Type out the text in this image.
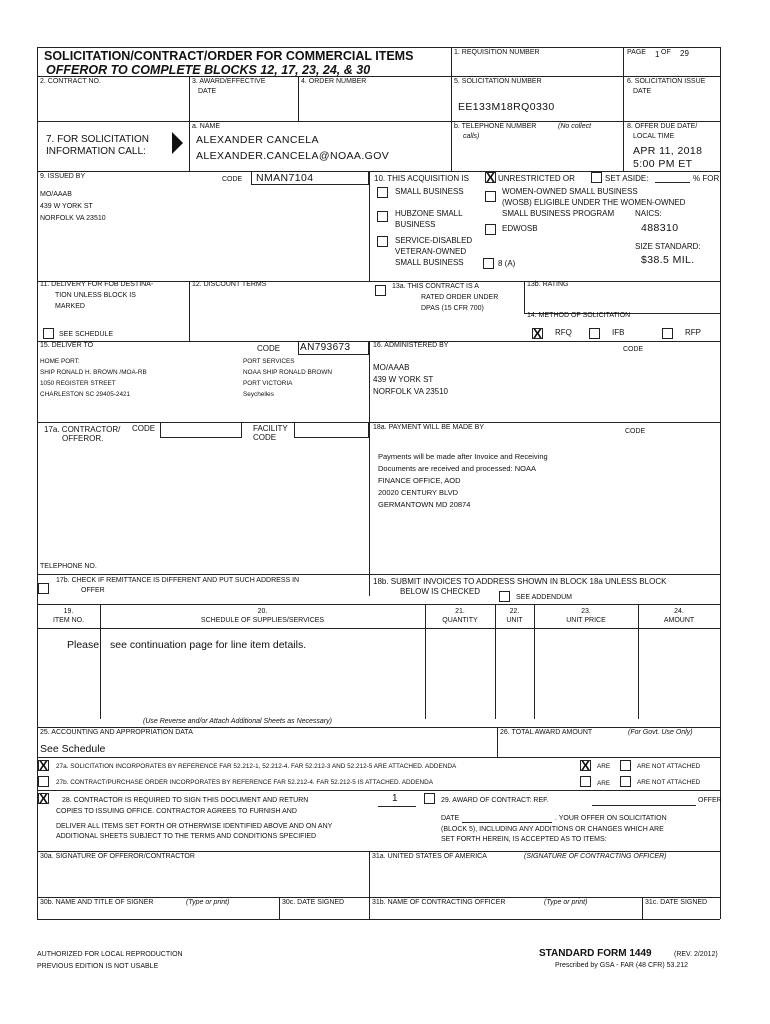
SOLICITATION/CONTRACT/ORDER FOR COMMERCIAL ITEMS
OFFEROR TO COMPLETE BLOCKS 12, 17, 23, 24, & 30
1. REQUISITION NUMBER	PAGE 1 OF 29
2. CONTRACT NO.	3. AWARD/EFFECTIVE
DATE
4. ORDER NUMBER	5. SOLICITATION NUMBER
EE133M18RQ0330
6. SOLICITATION ISSUE
DATE
7. FOR SOLICITATION
INFORMATION CALL:
a. NAME
ALEXANDER CANCELA
ALEXANDER.CANCELA@NOAA.GOV
b. TELEPHONE NUMBER	(No collect
calls)
8. OFFER DUE DATE/
LOCAL TIME
APR 11, 2018
5:00 PM ET
9. ISSUED BY	CODE NMAN7104
MO/AAAB
439 W YORK ST
NORFOLK VA 23510
10. THIS ACQUISITION IS X UNRESTRICTED OR	SET ASIDE:	% FOR:
SMALL BUSINESS	WOMEN-OWNED SMALL BUSINESS
(WOSB) ELIGIBLE UNDER THE WOMEN-OWNED
SMALL BUSINESS PROGRAM	NAICS:
488310
HUBZONE SMALL
BUSINESS	EDWOSB
SERVICE-DISABLED
VETERAN-OWNED
SMALL BUSINESS	8 (A)
SIZE STANDARD:
$38.5 MIL.
11. DELIVERY FOR FOB DESTINA-
TION UNLESS BLOCK IS
MARKED
SEE SCHEDULE
12. DISCOUNT TERMS	13a. THIS CONTRACT IS A
RATED ORDER UNDER
DPAS (15 CFR 700)
13b. RATING
14. METHOD OF SOLICITATION
X RFQ	IFB	RFP
15. DELIVER TO	CODE AN793673
HOME PORT:
SHIP RONALD H. BROWN /MOA-RB
1050 REGISTER STREET
CHARLESTON SC 29405-2421
PORT SERVICES
NOAA SHIP RONALD BROWN
PORT VICTORIA
Seychelles
16. ADMINISTERED BY
CODE
MO/AAAB
439 W YORK ST
NORFOLK VA 23510
17a. CONTRACTOR/
OFFEROR.
CODE	FACILITY
CODE
18a. PAYMENT WILL BE MADE BY
CODE
Payments will be made after Invoice and Receiving
Documents are received and processed: NOAA
FINANCE OFFICE, AOD
20020 CENTURY BLVD
GERMANTOWN MD 20874
TELEPHONE NO.
17b. CHECK IF REMITTANCE IS DIFFERENT AND PUT SUCH ADDRESS IN
OFFER
18b. SUBMIT INVOICES TO ADDRESS SHOWN IN BLOCK 18a UNLESS BLOCK
BELOW IS CHECKED
SEE ADDENDUM
19.
ITEM NO.
20.
SCHEDULE OF SUPPLIES/SERVICES
21.
QUANTITY
22.
UNIT
23.
UNIT PRICE
24.
AMOUNT
Please see continuation page for line item details.
(Use Reverse and/or Attach Additional Sheets as Necessary)
25. ACCOUNTING AND APPROPRIATION DATA
See Schedule
26. TOTAL AWARD AMOUNT	(For Govt. Use Only)
X 27a. SOLICITATION INCORPORATES BY REFERENCE FAR 52.212-1, 52.212-4. FAR 52.212-3 AND 52.212-5 ARE ATTACHED. ADDENDA	X ARE	ARE NOT ATTACHED
27b. CONTRACT/PURCHASE ORDER INCORPORATES BY REFERENCE FAR 52.212-4. FAR 52.212-5 IS ATTACHED. ADDENDA	ARE	ARE NOT ATTACHED
X 28. CONTRACTOR IS REQUIRED TO SIGN THIS DOCUMENT AND RETURN	1
COPIES TO ISSUING OFFICE. CONTRACTOR AGREES TO FURNISH AND
DELIVER ALL ITEMS SET FORTH OR OTHERWISE IDENTIFIED ABOVE AND ON ANY
ADDITIONAL SHEETS SUBJECT TO THE TERMS AND CONDITIONS SPECIFIED
29. AWARD OF CONTRACT: REF.	OFFER
DATE	. YOUR OFFER ON SOLICITATION
(BLOCK 5), INCLUDING ANY ADDITIONS OR CHANGES WHICH ARE
SET FORTH HEREIN, IS ACCEPTED AS TO ITEMS:
30a. SIGNATURE OF OFFEROR/CONTRACTOR	31a. UNITED STATES OF AMERICA	(SIGNATURE OF CONTRACTING OFFICER)
30b. NAME AND TITLE OF SIGNER	(Type or print)	30c. DATE SIGNED	31b. NAME OF CONTRACTING OFFICER	(Type or print)	31c. DATE SIGNED
AUTHORIZED FOR LOCAL REPRODUCTION
PREVIOUS EDITION IS NOT USABLE
STANDARD FORM 1449	(REV. 2/2012)
Prescribed by GSA - FAR (48 CFR) 53.212
